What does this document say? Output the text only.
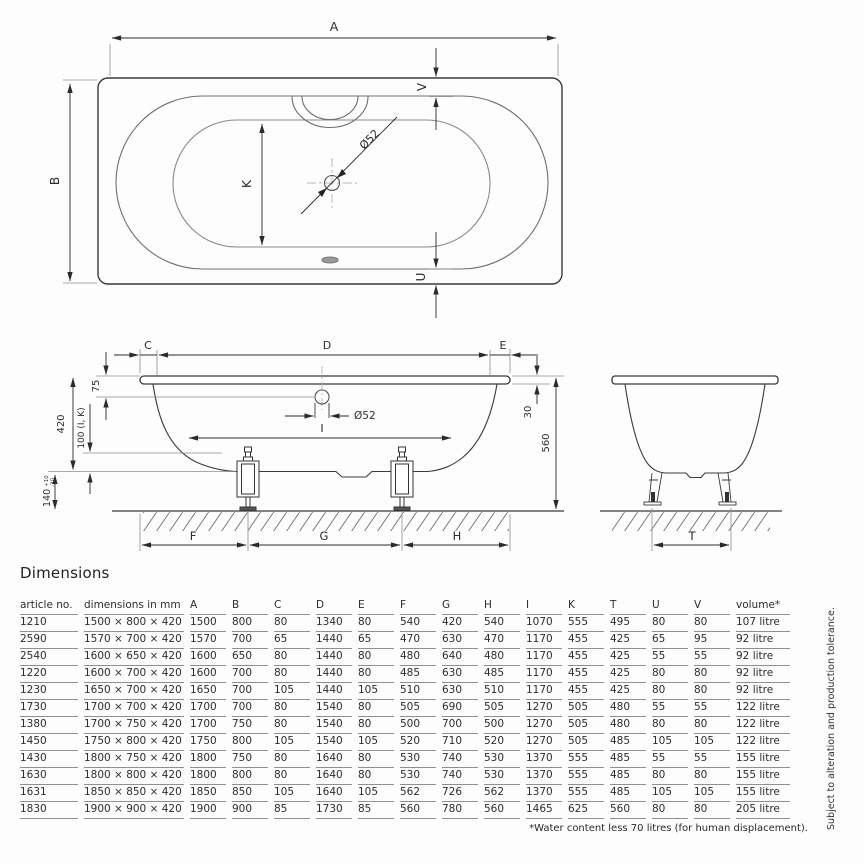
Ø52
A
B
V
U
K
Ø52
I
C	D	E
75
420 100 (I, K)
140
+10 -30
30
560
F	G	H	T
Dimensions
article no.	dimensions in mm	A	B	C	D	E	F	G	H	I	K	T	U	V	volume*
1210	1500 × 800 × 420	1500	800	80	1340	80	540	420	540	1070	555	495	80	80	107 litre
2590	1570 × 700 × 420	1570	700	65	1440	65	470	630	470	1170	455	425	65	95	92 litre
2540	1600 × 650 × 420	1600	650	80	1440	80	480	640	480	1170	455	425	55	55	92 litre
1220	1600 × 700 × 420	1600	700	80	1440	80	485	630	485	1170	455	425	80	80	92 litre
1230	1650 × 700 × 420	1650	700	105	1440	105	510	630	510	1170	455	425	80	80	92 litre
1730	1700 × 700 × 420	1700	700	80	1540	80	505	690	505	1270	505	480	55	55	122 litre
1380	1700 × 750 × 420	1700	750	80	1540	80	500	700	500	1270	505	480	80	80	122 litre
1450	1750 × 800 × 420	1750	800	105	1540	105	520	710	520	1270	505	485	105	105	122 litre
1430	1800 × 750 × 420	1800	750	80	1640	80	530	740	530	1370	555	485	55	55	155 litre
1630	1800 × 800 × 420	1800	800	80	1640	80	530	740	530	1370	555	485	80	80	155 litre
1631	1850 × 850 × 420	1850	850	105	1640	105	562	726	562	1370	555	485	105	105	155 litre
1830	1900 × 900 × 420	1900	900	85	1730	85	560	780	560	1465	625	560	80	80	205 litre
*Water content less 70 litres (for human displacement). Subject to alteration and production tolerance.
